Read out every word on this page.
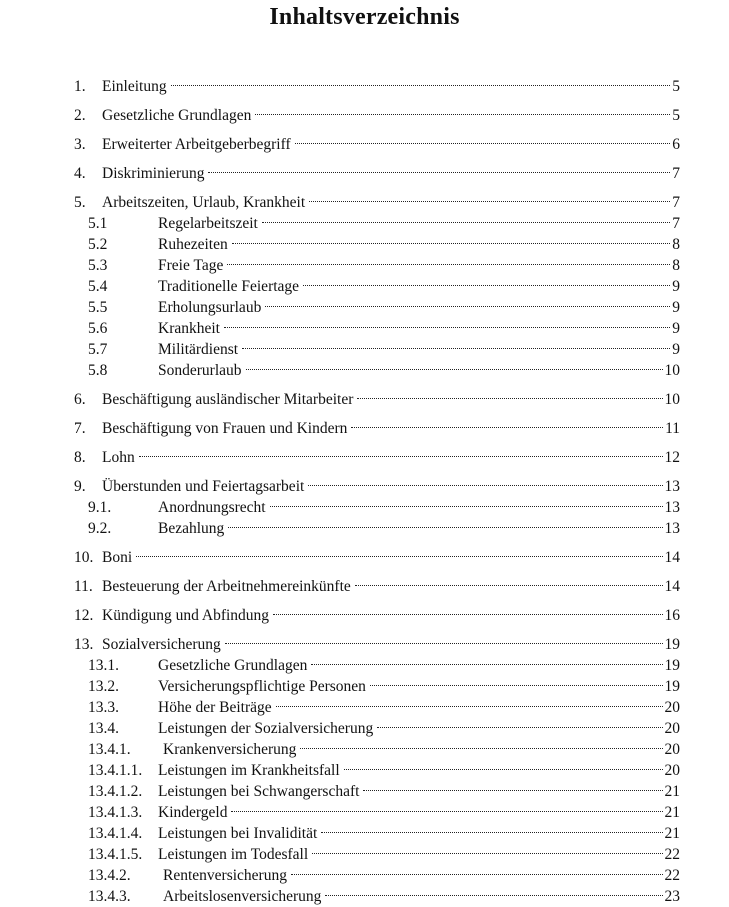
Inhaltsverzeichnis
1.	Einleitung	5
2.	Gesetzliche Grundlagen	5
3.	Erweiterter Arbeitgeberbegriff	6
4.	Diskriminierung	7
5.	Arbeitszeiten, Urlaub, Krankheit	7
5.1	Regelarbeitszeit	7
5.2	Ruhezeiten	8
5.3	Freie Tage	8
5.4	Traditionelle Feiertage	9
5.5	Erholungsurlaub	9
5.6	Krankheit	9
5.7	Militärdienst	9
5.8	Sonderurlaub	10
6.	Beschäftigung ausländischer Mitarbeiter	10
7.	Beschäftigung von Frauen und Kindern	11
8.	Lohn	12
9.	Überstunden und Feiertagsarbeit	13
9.1.	Anordnungsrecht	13
9.2.	Bezahlung	13
10. Boni	14
11. Besteuerung der Arbeitnehmereinkünfte	14
12. Kündigung und Abfindung	16
13. Sozialversicherung	19
13.1.	Gesetzliche Grundlagen	19
13.2.	Versicherungspflichtige Personen	19
13.3.	Höhe der Beiträge	20
13.4.	Leistungen der Sozialversicherung	20
13.4.1.	Krankenversicherung	20
13.4.1.1.	Leistungen im Krankheitsfall	20
13.4.1.2.	Leistungen bei Schwangerschaft	21
13.4.1.3.	Kindergeld	21
13.4.1.4.	Leistungen bei Invalidität	21
13.4.1.5.	Leistungen im Todesfall	22
13.4.2.	Rentenversicherung	22
13.4.3.	Arbeitslosenversicherung	23
